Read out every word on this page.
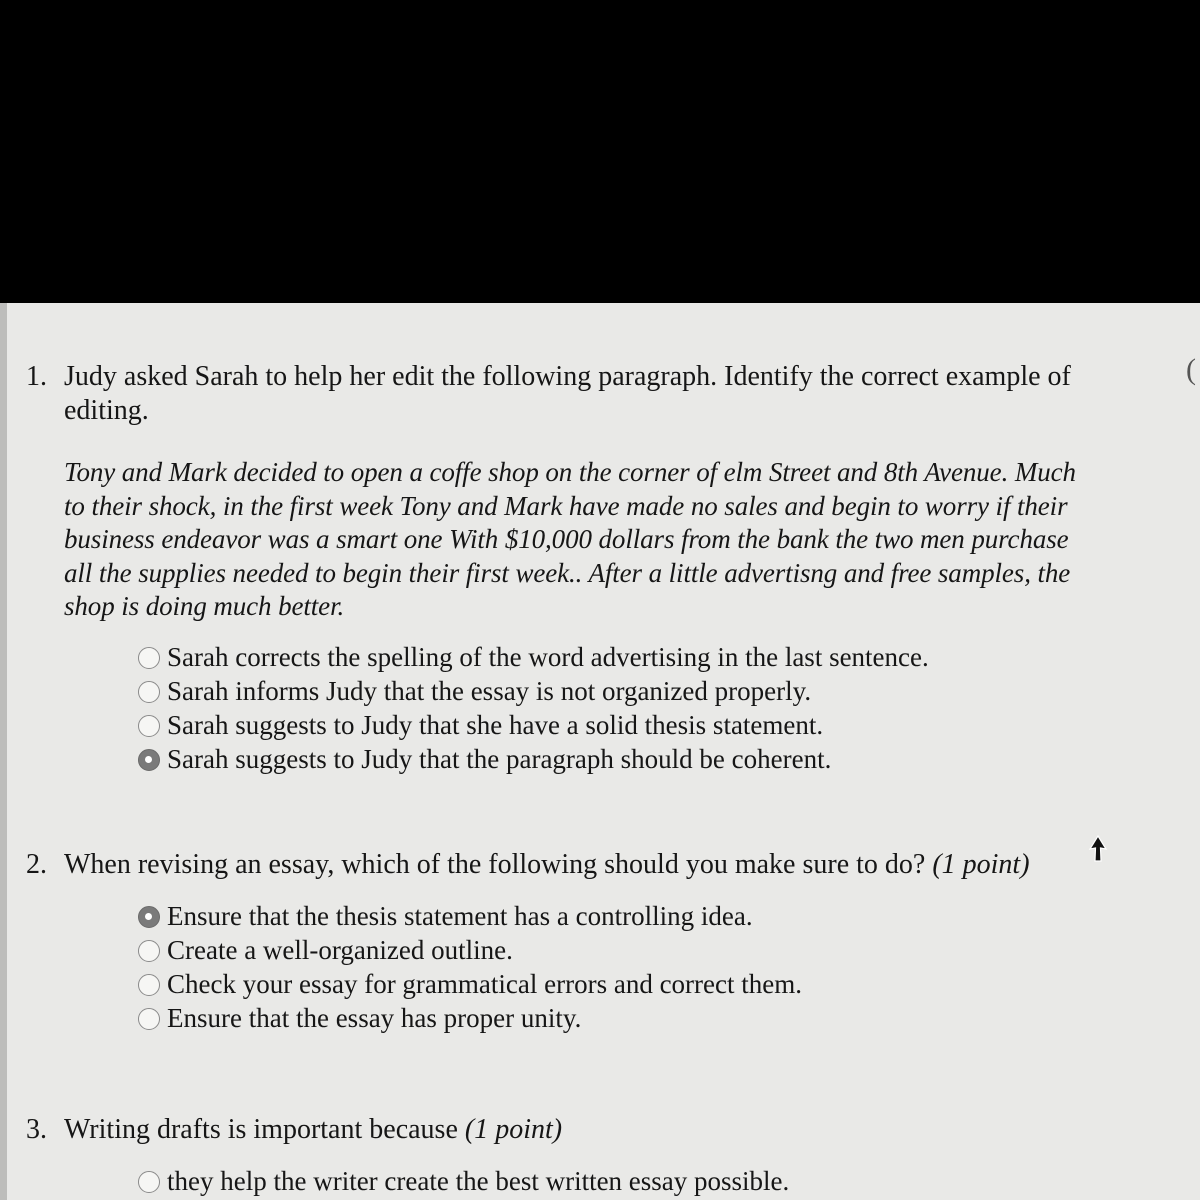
(
1. Judy asked Sarah to help her edit the following paragraph. Identify the correct example of
editing.
Tony and Mark decided to open a coffe shop on the corner of elm Street and 8th Avenue. Much
to their shock, in the first week Tony and Mark have made no sales and begin to worry if their
business endeavor was a smart one With $10,000 dollars from the bank the two men purchase
all the supplies needed to begin their first week.. After a little advertisng and free samples, the
shop is doing much better.
Sarah corrects the spelling of the word advertising in the last sentence.
Sarah informs Judy that the essay is not organized properly.
Sarah suggests to Judy that she have a solid thesis statement.
Sarah suggests to Judy that the paragraph should be coherent.
2. When revising an essay, which of the following should you make sure to do? (1 point)
Ensure that the thesis statement has a controlling idea.
Create a well-organized outline.
Check your essay for grammatical errors and correct them.
Ensure that the essay has proper unity.
3. Writing drafts is important because (1 point)
they help the writer create the best written essay possible.
